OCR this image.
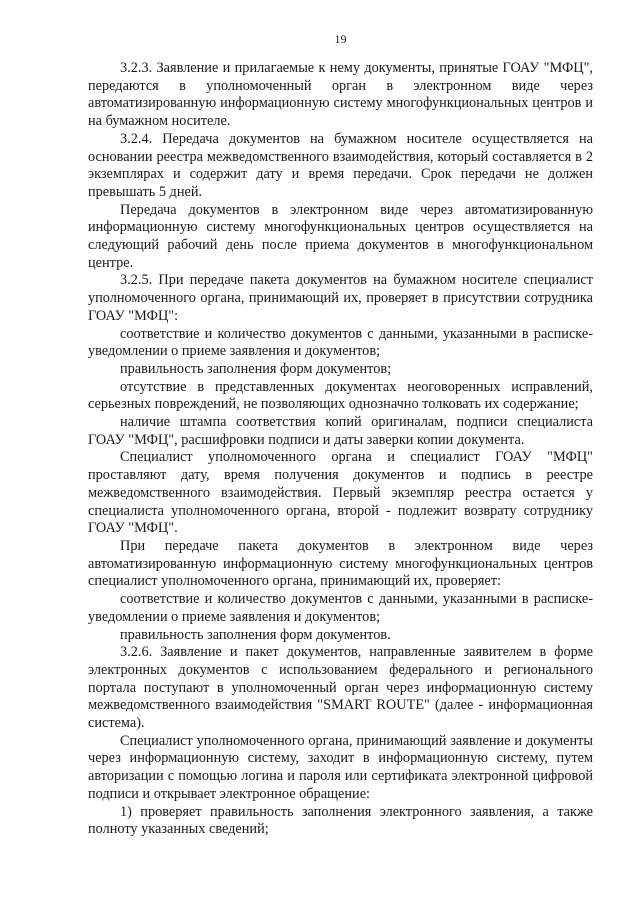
19

3.2.3. Заявление и прилагаемые к нему документы, принятые ГОАУ "МФЦ", передаются в уполномоченный орган в электронном виде через автоматизированную информационную систему многофункциональных центров и на бумажном носителе.

3.2.4. Передача документов на бумажном носителе осуществляется на основании реестра межведомственного взаимодействия, который составляется в 2 экземплярах и содержит дату и время передачи. Срок передачи не должен превышать 5 дней.

Передача документов в электронном виде через автоматизированную информационную систему многофункциональных центров осуществляется на следующий рабочий день после приема документов в многофункциональном центре.

3.2.5. При передаче пакета документов на бумажном носителе специалист уполномоченного органа, принимающий их, проверяет в присутствии сотрудника ГОАУ "МФЦ":

соответствие и количество документов с данными, указанными в расписке-уведомлении о приеме заявления и документов;

правильность заполнения форм документов;

отсутствие в представленных документах неоговоренных исправлений, серьезных повреждений, не позволяющих однозначно толковать их содержание;

наличие штампа соответствия копий оригиналам, подписи специалиста ГОАУ "МФЦ", расшифровки подписи и даты заверки копии документа.

Специалист уполномоченного органа и специалист ГОАУ "МФЦ" проставляют дату, время получения документов и подпись в реестре межведомственного взаимодействия. Первый экземпляр реестра остается у специалиста уполномоченного органа, второй - подлежит возврату сотруднику ГОАУ "МФЦ".

При передаче пакета документов в электронном виде через автоматизированную информационную систему многофункциональных центров специалист уполномоченного органа, принимающий их, проверяет:

соответствие и количество документов с данными, указанными в расписке-уведомлении о приеме заявления и документов;

правильность заполнения форм документов.

3.2.6. Заявление и пакет документов, направленные заявителем в форме электронных документов с использованием федерального и регионального портала поступают в уполномоченный орган через информационную систему межведомственного взаимодействия "SMART ROUTE" (далее - информационная система).

Специалист уполномоченного органа, принимающий заявление и документы через информационную систему, заходит в информационную систему, путем авторизации с помощью логина и пароля или сертификата электронной цифровой подписи и открывает электронное обращение:

1) проверяет правильность заполнения электронного заявления, а также полноту указанных сведений;
